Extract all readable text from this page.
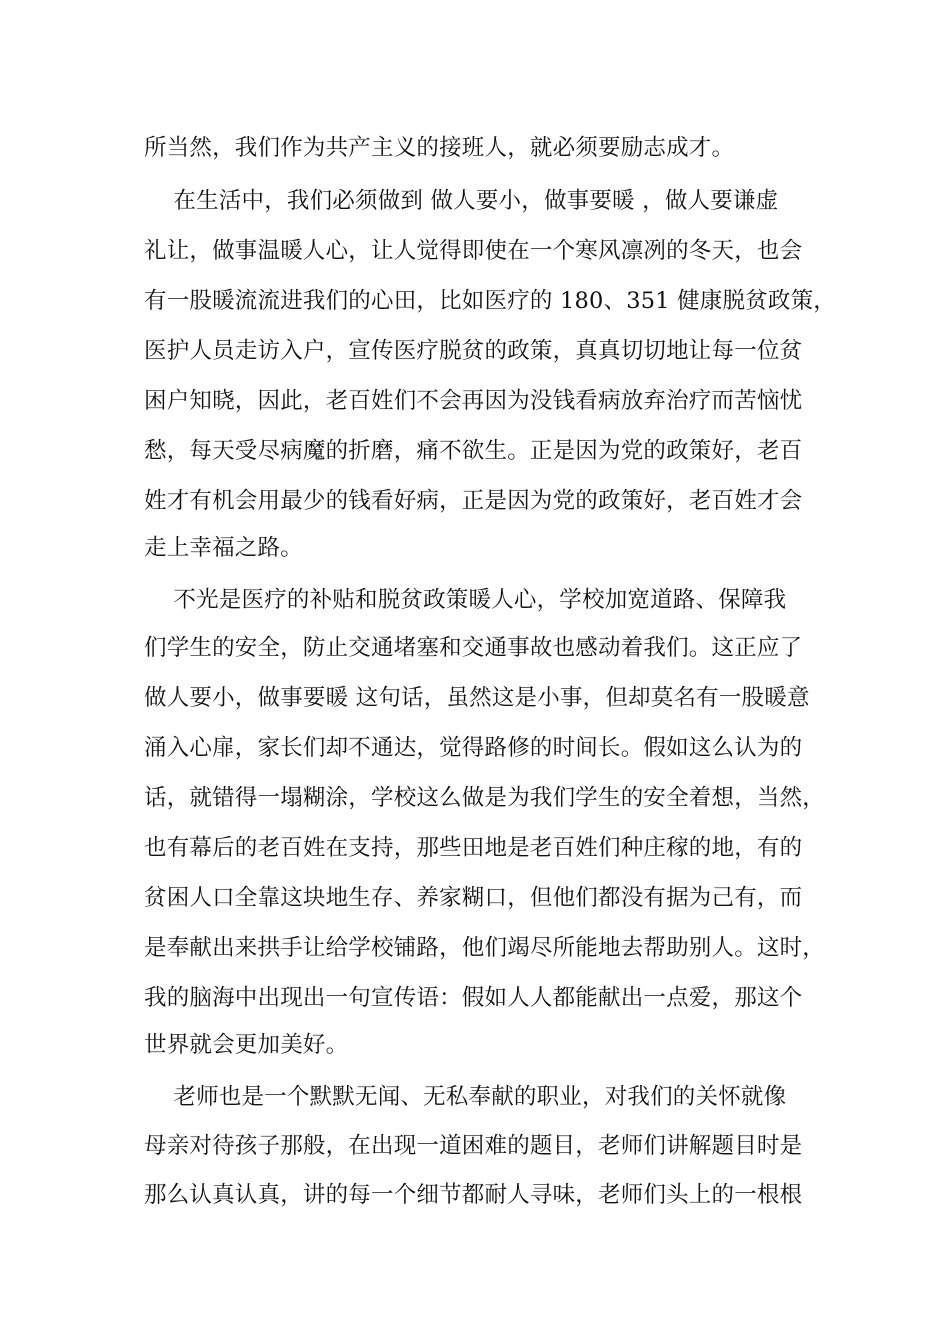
所当然，我们作为共产主义的接班人，就必须要励志成才。
在生活中，我们必须做到 做人要小，做事要暖 ，做人要谦虚
礼让，做事温暖人心，让人觉得即使在一个寒风凛冽的冬天，也会
有一股暖流流进我们的心田，比如医疗的 180、351 健康脱贫政策，
医护人员走访入户，宣传医疗脱贫的政策，真真切切地让每一位贫
困户知晓，因此，老百姓们不会再因为没钱看病放弃治疗而苦恼忧
愁，每天受尽病魔的折磨，痛不欲生。正是因为党的政策好，老百
姓才有机会用最少的钱看好病，正是因为党的政策好，老百姓才会
走上幸福之路。
不光是医疗的补贴和脱贫政策暖人心，学校加宽道路、保障我
们学生的安全，防止交通堵塞和交通事故也感动着我们。这正应了
做人要小，做事要暖 这句话，虽然这是小事，但却莫名有一股暖意
涌入心扉，家长们却不通达，觉得路修的时间长。假如这么认为的
话，就错得一塌糊涂，学校这么做是为我们学生的安全着想，当然，
也有幕后的老百姓在支持，那些田地是老百姓们种庄稼的地，有的
贫困人口全靠这块地生存、养家糊口，但他们都没有据为己有，而
是奉献出来拱手让给学校铺路，他们竭尽所能地去帮助别人。这时，
我的脑海中出现出一句宣传语：假如人人都能献出一点爱，那这个
世界就会更加美好。
老师也是一个默默无闻、无私奉献的职业，对我们的关怀就像
母亲对待孩子那般，在出现一道困难的题目，老师们讲解题目时是
那么认真认真，讲的每一个细节都耐人寻味，老师们头上的一根根
